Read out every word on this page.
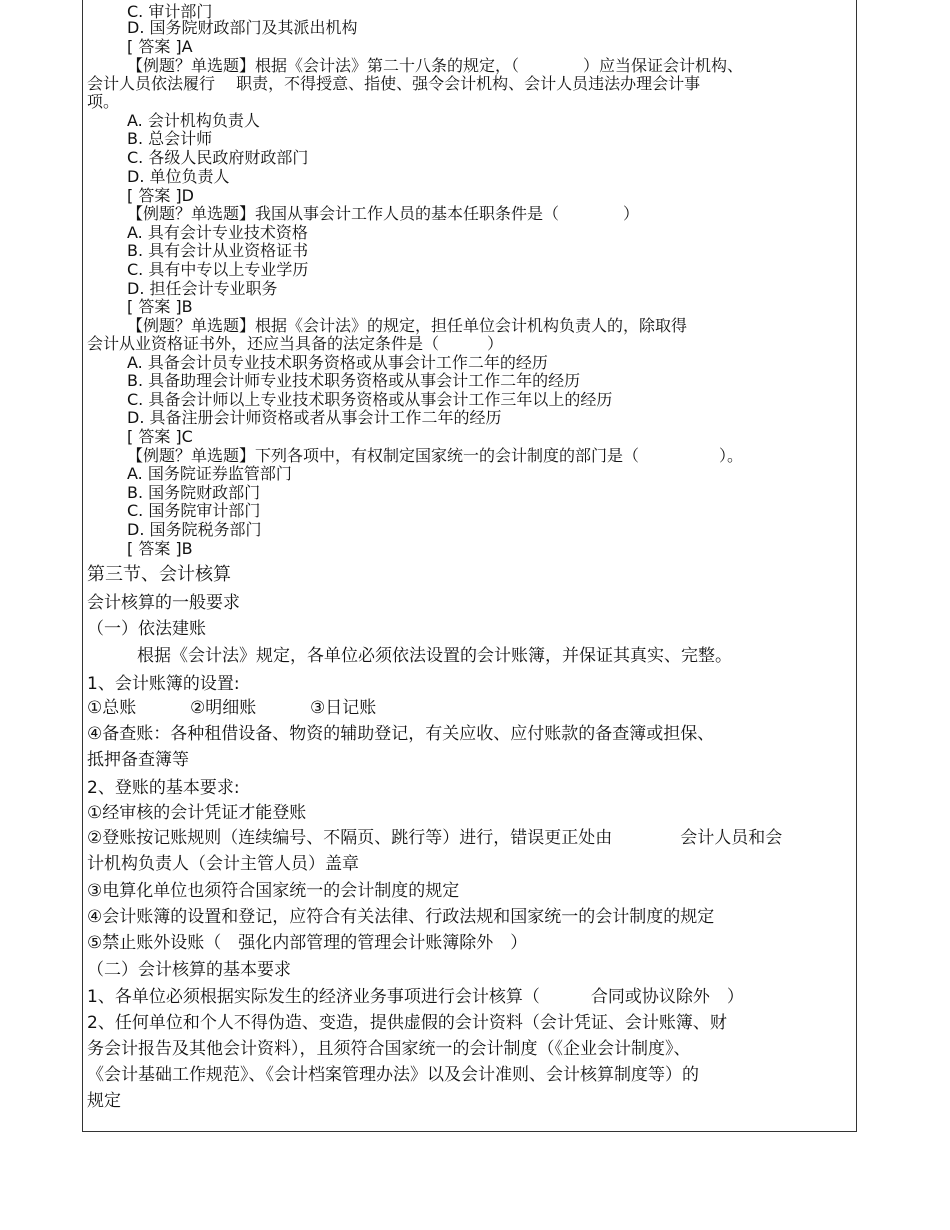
C. 审计部门
D. 国务院财政部门及其派出机构
[ 答案 ]A
【例题？单选题】根据《会计法》第二十八条的规定，（　　　　）应当保证会计机构、
会计人员依法履行　 职责，不得授意、指使、强令会计机构、会计人员违法办理会计事
项。
A. 会计机构负责人
B. 总会计师
C. 各级人民政府财政部门
D. 单位负责人
[ 答案 ]D
【例题？单选题】我国从事会计工作人员的基本任职条件是（　　　　）
A. 具有会计专业技术资格
B. 具有会计从业资格证书
C. 具有中专以上专业学历
D. 担任会计专业职务
[ 答案 ]B
【例题？单选题】根据《会计法》的规定，担任单位会计机构负责人的，除取得
会计从业资格证书外，还应当具备的法定条件是（　　　）
A. 具备会计员专业技术职务资格或从事会计工作二年的经历
B. 具备助理会计师专业技术职务资格或从事会计工作二年的经历
C. 具备会计师以上专业技术职务资格或从事会计工作三年以上的经历
D. 具备注册会计师资格或者从事会计工作二年的经历
[ 答案 ]C
【例题？单选题】下列各项中，有权制定国家统一的会计制度的部门是（　　　　　）。
A. 国务院证券监管部门
B. 国务院财政部门
C. 国务院审计部门
D. 国务院税务部门
[ 答案 ]B
第三节、会计核算
会计核算的一般要求
（一）依法建账
根据《会计法》规定，各单位必须依法设置的会计账簿，并保证其真实、完整。
1、会计账簿的设置:
①总账	②明细账	③日记账
④备查账：各种租借设备、物资的辅助登记，有关应收、应付账款的备查簿或担保、
抵押备查簿等
2、登账的基本要求:
①经审核的会计凭证才能登账
②登账按记账规则（连续编号、不隔页、跳行等）进行，错误更正处由　　　　会计人员和会
计机构负责人（会计主管人员）盖章
③电算化单位也须符合国家统一的会计制度的规定
④会计账簿的设置和登记，应符合有关法律、行政法规和国家统一的会计制度的规定
⑤禁止账外设账（　强化内部管理的管理会计账簿除外　）
（二）会计核算的基本要求
1、各单位必须根据实际发生的经济业务事项进行会计核算（　　　合同或协议除外　）
2、任何单位和个人不得伪造、变造，提供虚假的会计资料（会计凭证、会计账簿、财
务会计报告及其他会计资料），且须符合国家统一的会计制度（《企业会计制度》、
《会计基础工作规范》、《会计档案管理办法》以及会计准则、会计核算制度等）的
规定
